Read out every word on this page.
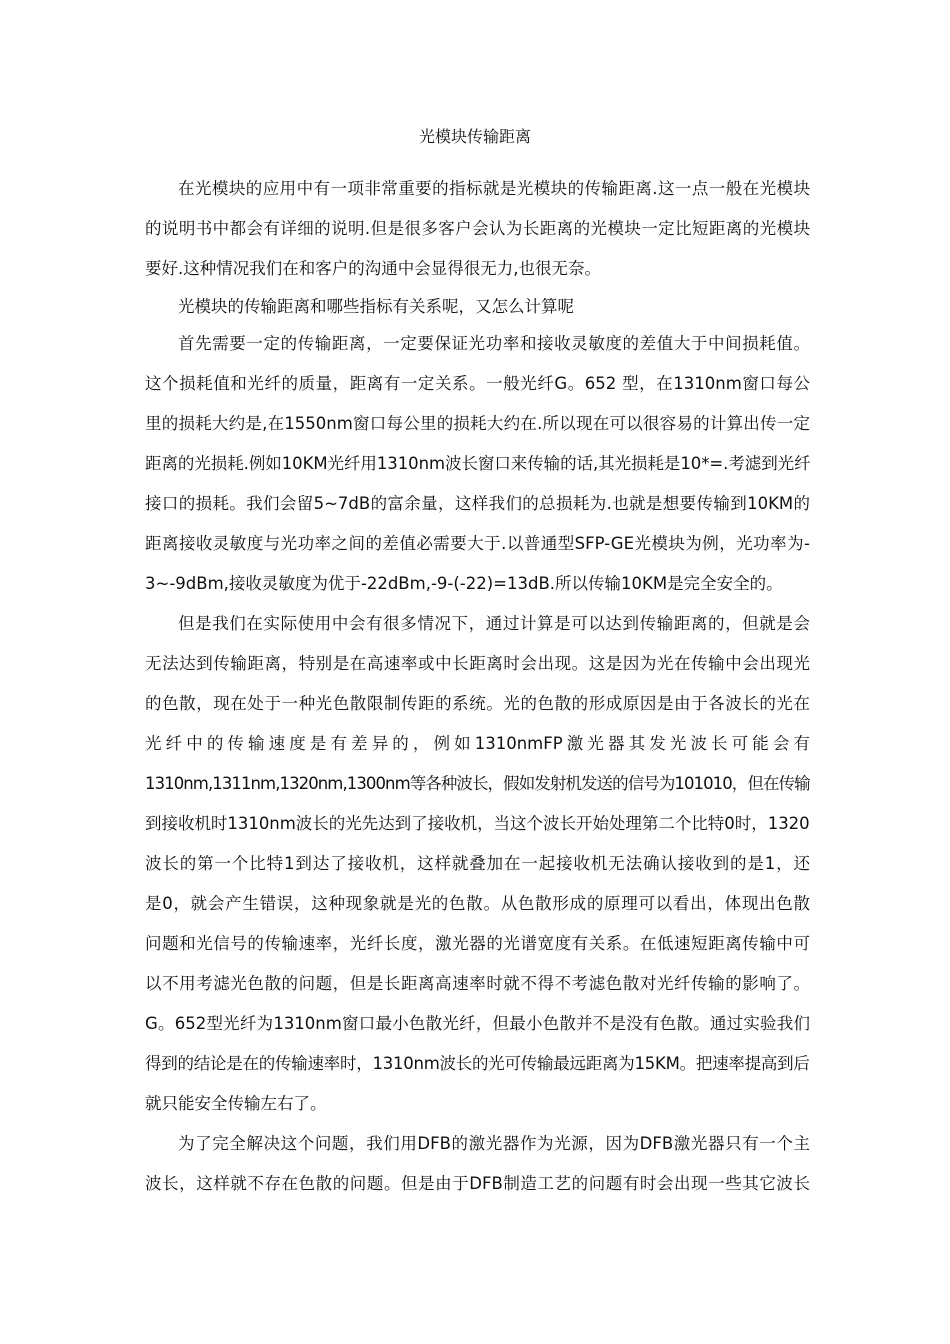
光模块传输距离
在光模块的应用中有一项非常重要的指标就是光模块的传输距离.这一点一般在光模块
的说明书中都会有详细的说明.但是很多客户会认为长距离的光模块一定比短距离的光模块
要好.这种情况我们在和客户的沟通中会显得很无力,也很无奈。
光模块的传输距离和哪些指标有关系呢，又怎么计算呢
首先需要一定的传输距离，一定要保证光功率和接收灵敏度的差值大于中间损耗值。
这个损耗值和光纤的质量，距离有一定关系。一般光纤G。652 型，在1310nm窗口每公
里的损耗大约是,在1550nm窗口每公里的损耗大约在.所以现在可以很容易的计算出传一定
距离的光损耗.例如10KM光纤用1310nm波长窗口来传输的话,其光损耗是10*=.考滤到光纤
接口的损耗。我们会留5~7dB的富余量，这样我们的总损耗为.也就是想要传输到10KM的
距离接收灵敏度与光功率之间的差值必需要大于.以普通型SFP-GE光模块为例，光功率为-
3~-9dBm,接收灵敏度为优于-22dBm,-9-(-22)=13dB.所以传输10KM是完全安全的。
但是我们在实际使用中会有很多情况下，通过计算是可以达到传输距离的，但就是会
无法达到传输距离，特别是在高速率或中长距离时会出现。这是因为光在传输中会出现光
的色散，现在处于一种光色散限制传距的系统。光的色散的形成原因是由于各波长的光在
光纤中的传输速度是有差异的，例如1310nmFP激光器其发光波长可能会有
1310nm,1311nm,1320nm,1300nm等各种波长，假如发射机发送的信号为101010，但在传输
到接收机时1310nm波长的光先达到了接收机，当这个波长开始处理第二个比特0时，1320
波长的第一个比特1到达了接收机，这样就叠加在一起接收机无法确认接收到的是1，还
是0，就会产生错误，这种现象就是光的色散。从色散形成的原理可以看出，体现出色散
问题和光信号的传输速率，光纤长度，激光器的光谱宽度有关系。在低速短距离传输中可
以不用考滤光色散的问题，但是长距离高速率时就不得不考滤色散对光纤传输的影响了。
G。652型光纤为1310nm窗口最小色散光纤，但最小色散并不是没有色散。通过实验我们
得到的结论是在的传输速率时，1310nm波长的光可传输最远距离为15KM。把速率提高到后
就只能安全传输左右了。
为了完全解决这个问题，我们用DFB的激光器作为光源，因为DFB激光器只有一个主
波长，这样就不存在色散的问题。但是由于DFB制造工艺的问题有时会出现一些其它波长
